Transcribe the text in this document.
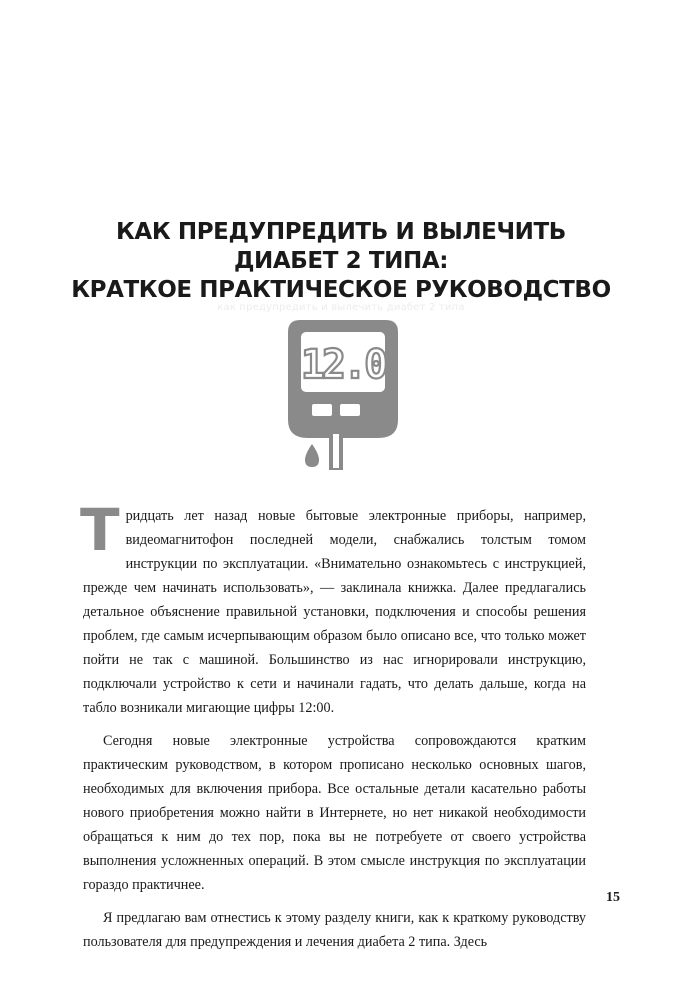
КАК ПРЕДУПРЕДИТЬ И ВЫЛЕЧИТЬ
ДИАБЕТ 2 ТИПА:
КРАТКОЕ ПРАКТИЧЕСКОЕ РУКОВОДСТВО
как предупредить и вылечить диабет 2 типа
12.0

Тридцать лет назад новые бытовые электронные приборы, например, видеомагнитофон последней модели, снабжались толстым томом инструкции по эксплуатации. «Внимательно ознакомьтесь с инструкцией, прежде чем начинать использовать», — заклинала книжка. Далее предлагались детальное объяснение правильной установки, подключения и способы решения проблем, где самым исчерпывающим образом было описано все, что только может пойти не так с машиной. Большинство из нас игнорировали инструкцию, подключали устройство к сети и начинали гадать, что делать дальше, когда на табло возникали мигающие цифры 12:00.

Сегодня новые электронные устройства сопровождаются кратким практическим руководством, в котором прописано несколько основных шагов, необходимых для включения прибора. Все остальные детали касательно работы нового приобретения можно найти в Интернете, но нет никакой необходимости обращаться к ним до тех пор, пока вы не потребуете от своего устройства выполнения усложненных операций. В этом смысле инструкция по эксплуатации гораздо практичнее.

Я предлагаю вам отнестись к этому разделу книги, как к краткому руководству пользователя для предупреждения и лечения диабета 2 типа. Здесь

15
